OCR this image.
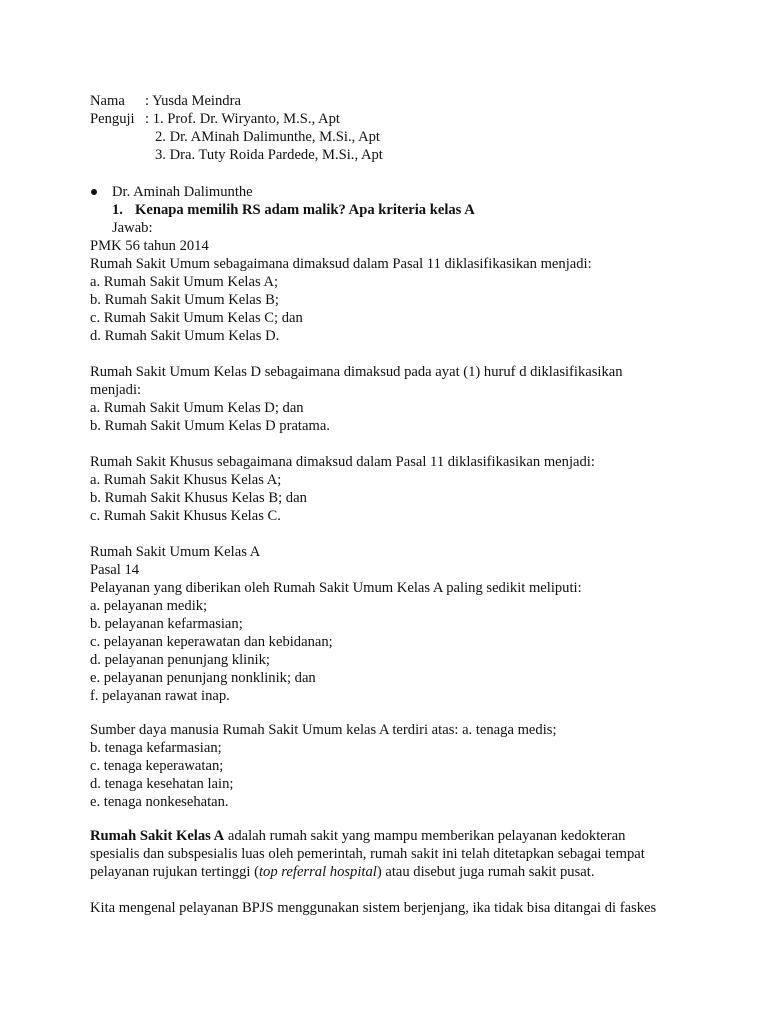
Nama : Yusda Meindra
Penguji : 1. Prof. Dr. Wiryanto, M.S., Apt
2. Dr. AMinah Dalimunthe, M.Si., Apt
3. Dra. Tuty Roida Pardede, M.Si., Apt
Dr. Aminah Dalimunthe
1. Kenapa memilih RS adam malik? Apa kriteria kelas A
Jawab:
PMK 56 tahun 2014
Rumah Sakit Umum sebagaimana dimaksud dalam Pasal 11 diklasifikasikan menjadi:
a. Rumah Sakit Umum Kelas A;
b. Rumah Sakit Umum Kelas B;
c. Rumah Sakit Umum Kelas C; dan
d. Rumah Sakit Umum Kelas D.
Rumah Sakit Umum Kelas D sebagaimana dimaksud pada ayat (1) huruf d diklasifikasikan
menjadi:
a. Rumah Sakit Umum Kelas D; dan
b. Rumah Sakit Umum Kelas D pratama.
Rumah Sakit Khusus sebagaimana dimaksud dalam Pasal 11 diklasifikasikan menjadi:
a. Rumah Sakit Khusus Kelas A;
b. Rumah Sakit Khusus Kelas B; dan
c. Rumah Sakit Khusus Kelas C.
Rumah Sakit Umum Kelas A
Pasal 14
Pelayanan yang diberikan oleh Rumah Sakit Umum Kelas A paling sedikit meliputi:
a. pelayanan medik;
b. pelayanan kefarmasian;
c. pelayanan keperawatan dan kebidanan;
d. pelayanan penunjang klinik;
e. pelayanan penunjang nonklinik; dan
f. pelayanan rawat inap.
Sumber daya manusia Rumah Sakit Umum kelas A terdiri atas: a. tenaga medis;
b. tenaga kefarmasian;
c. tenaga keperawatan;
d. tenaga kesehatan lain;
e. tenaga nonkesehatan.
Rumah Sakit Kelas A adalah rumah sakit yang mampu memberikan pelayanan kedokteran
spesialis dan subspesialis luas oleh pemerintah, rumah sakit ini telah ditetapkan sebagai tempat
pelayanan rujukan tertinggi (top referral hospital) atau disebut juga rumah sakit pusat.
Kita mengenal pelayanan BPJS menggunakan sistem berjenjang, ika tidak bisa ditangai di faskes
